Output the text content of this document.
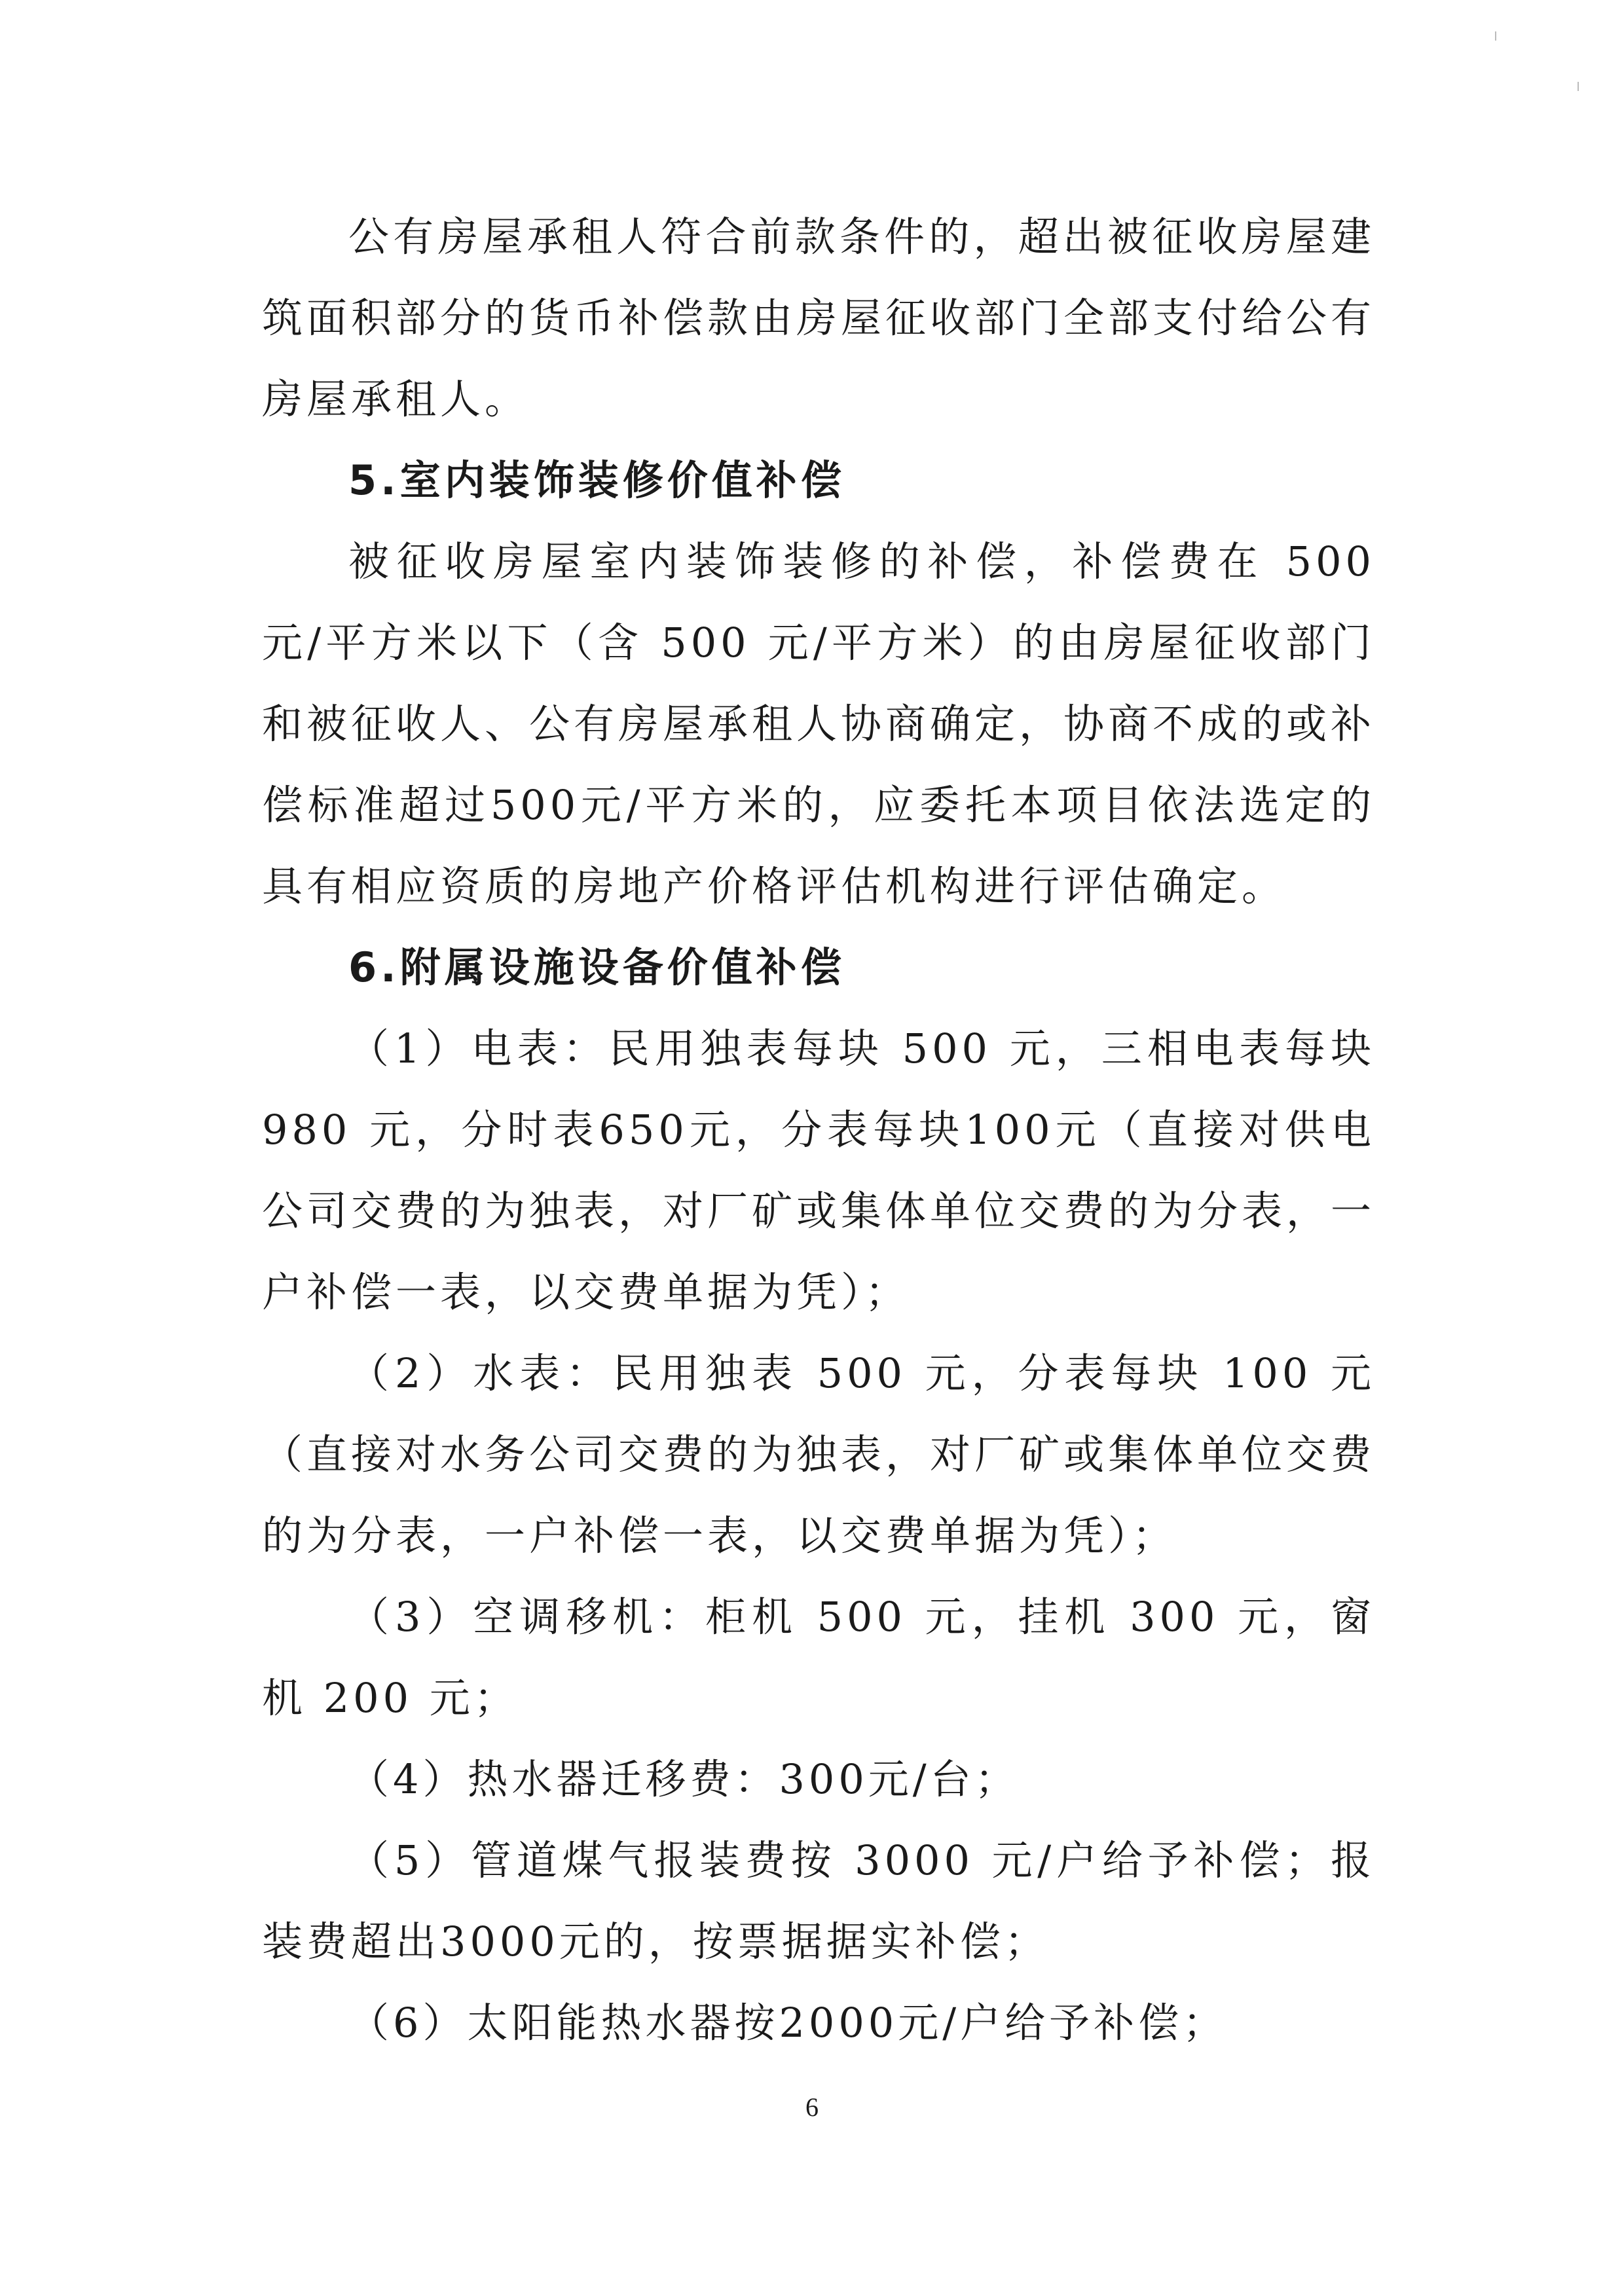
公有房屋承租人符合前款条件的，超出被征收房屋建筑面积部分的货币补偿款由房屋征收部门全部支付给公有房屋承租人。

5.室内装饰装修价值补偿

被征收房屋室内装饰装修的补偿，补偿费在 500 元/平方米以下（含 500 元/平方米）的由房屋征收部门和被征收人、公有房屋承租人协商确定，协商不成的或补偿标准超过500元/平方米的，应委托本项目依法选定的具有相应资质的房地产价格评估机构进行评估确定。

6.附属设施设备价值补偿

（1）电表：民用独表每块 500 元，三相电表每块 980 元，分时表650元，分表每块100元（直接对供电公司交费的为独表，对厂矿或集体单位交费的为分表，一户补偿一表，以交费单据为凭）；

（2）水表：民用独表 500 元，分表每块 100 元（直接对水务公司交费的为独表，对厂矿或集体单位交费的为分表，一户补偿一表，以交费单据为凭）；

（3）空调移机：柜机 500 元，挂机 300 元，窗机 200 元；

（4）热水器迁移费：300元/台；

（5）管道煤气报装费按 3000 元/户给予补偿；报装费超出3000元的，按票据据实补偿；

（6）太阳能热水器按2000元/户给予补偿；

6
